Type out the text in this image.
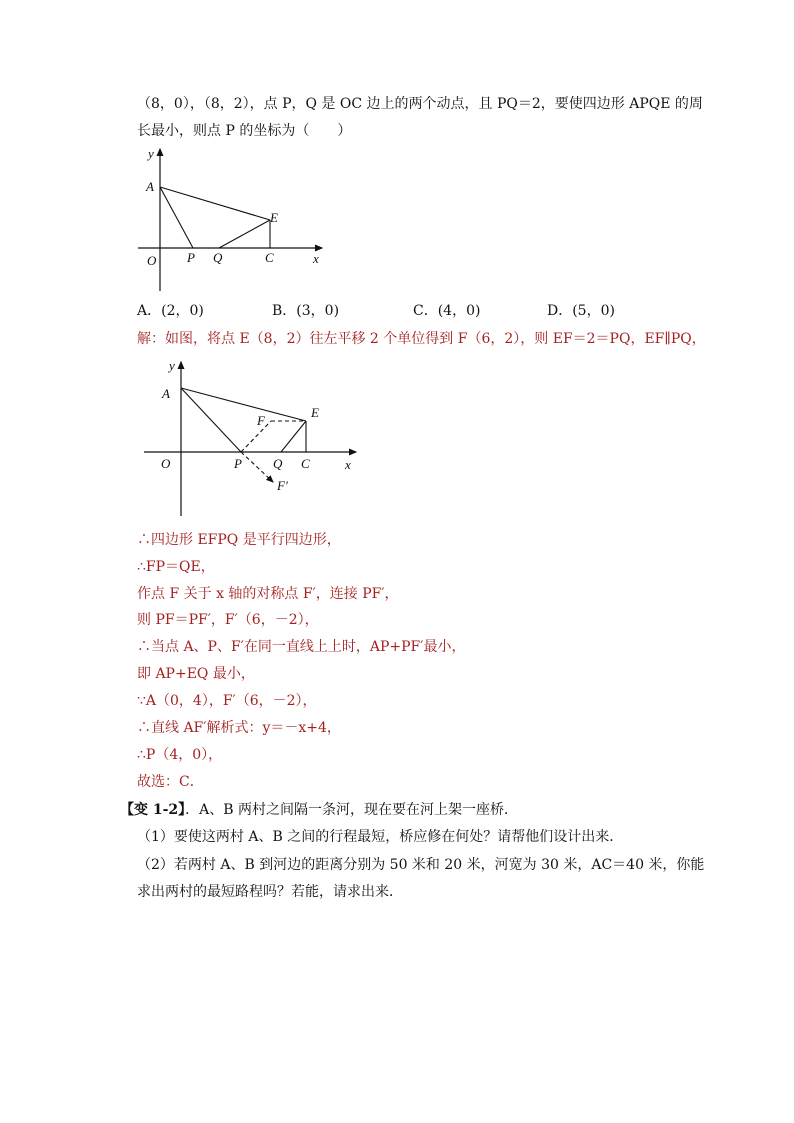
（8，0），（8，2），点 P，Q 是 OC 边上的两个动点，且 PQ＝2，要使四边形 APQE 的周
长最小，则点 P 的坐标为（　　）
y
x
A
E
O P Q	C
A．(2，0)	B．(3，0)	C．(4，0)	D．(5，0)
解：如图，将点 E（8，2）往左平移 2 个单位得到 F（6，2），则 EF＝2＝PQ，EF∥PQ，
y
x
A
E
F
O	P Q C
F′
∴四边形 EFPQ 是平行四边形，
∴FP＝QE，
作点 F 关于 x 轴的对称点 F′，连接 PF′，
则 PF＝PF′，F′（6，－2），
∴当点 A、P、F′在同一直线上上时，AP+PF′最小，
即 AP+EQ 最小，
∵A（0，4），F′（6，－2），
∴直线 AF′解析式：y＝－x+4，
∴P（4，0），
故选：C．
【变 1-2】．A、B 两村之间隔一条河，现在要在河上架一座桥．
（1）要使这两村 A、B 之间的行程最短，桥应修在何处？请帮他们设计出来．
（2）若两村 A、B 到河边的距离分别为 50 米和 20 米，河宽为 30 米，AC＝40 米，你能
求出两村的最短路程吗？若能，请求出来．
